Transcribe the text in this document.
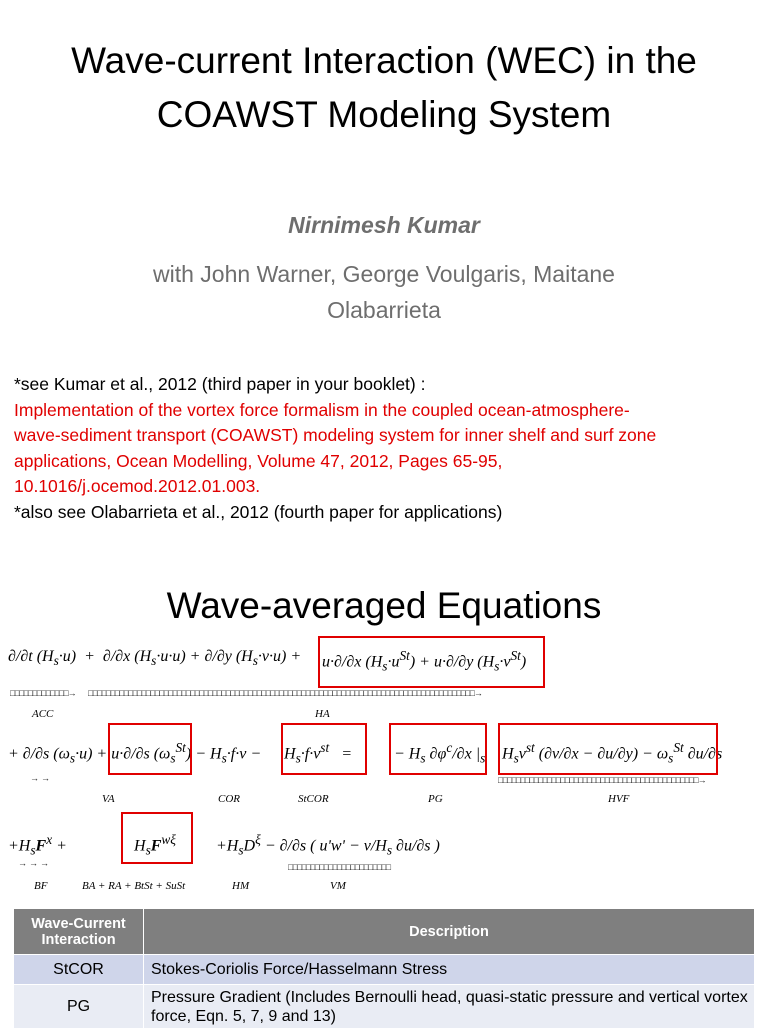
Wave-current Interaction (WEC) in the
COAWST Modeling System
Nirnimesh Kumar
with John Warner, George Voulgaris, Maitane
Olabarrieta
*see Kumar et al., 2012 (third paper in your booklet) :
Implementation of the vortex force formalism in the coupled ocean-atmosphere-
wave-sediment transport (COAWST) modeling system for inner shelf and surf zone
applications, Ocean Modelling, Volume 47, 2012, Pages 65-95,
10.1016/j.ocemod.2012.01.003.
*also see Olabarrieta et al., 2012 (fourth paper for applications)
Wave-averaged Equations
∂/∂t $(H_s\cdot u) + \partial/\partial x$ $(H_s\cdot u\cdot u) + \partial/\partial y$ $(H_s\cdot v\cdot u) + u\cdot\partial/\partial x$ $(H_s\cdot u^{St}) + u\cdot\partial/\partial y$ $(H_s\cdot v^{St})$
□□□□□□□□□□□□□→ □□□□□□□□□□□□□□□□□□□□□□□□□□□□□□□□□□□□□□□□□□□□□□□□□□□□□□□□□□□□□□□□□□□□□□□□□□□□□□□□□□□□□□□→
ACC	HA
+ ∂/∂s $(\omega_s\cdot u) + u\cdot\partial/\partial s$ $(\omega_s^{St}) - H_s\cdot f\cdot v - H_s\cdot f\cdot v^{st}$   =	− $H_s$ $\partial\varphi^c/\partial x$ $|_s$ $H_sv^{st}$ $(\partial v/\partial x - \partial u/\partial y) - \omega_s^{St}$ ∂u/∂s
□□□□□□□□□□□□□□□□□□□□□□□□□□□□□□□□□□□□□□□□□□□□□→
→  →
VA	COR	StCOR	PG	HVF
$+H_sF^x$ +	$H_sF^{w\xi} +H_sD^\xi - \partial/\partial s$ ( uʹwʹ − $\nu/H_s$ ∂u/∂s )
□□□□□□□□□□□□□□□□□□□□□□□
→  →  →
BF	BA + RA + BtSt + SuSt	HM	VM
Wave-Current Interaction	Description
StCOR	Stokes-Coriolis Force/Hasselmann Stress
PG	Pressure Gradient (Includes Bernoulli head, quasi-static pressure and vertical vortex force, Eqn. 5, 7, 9 and 13)
